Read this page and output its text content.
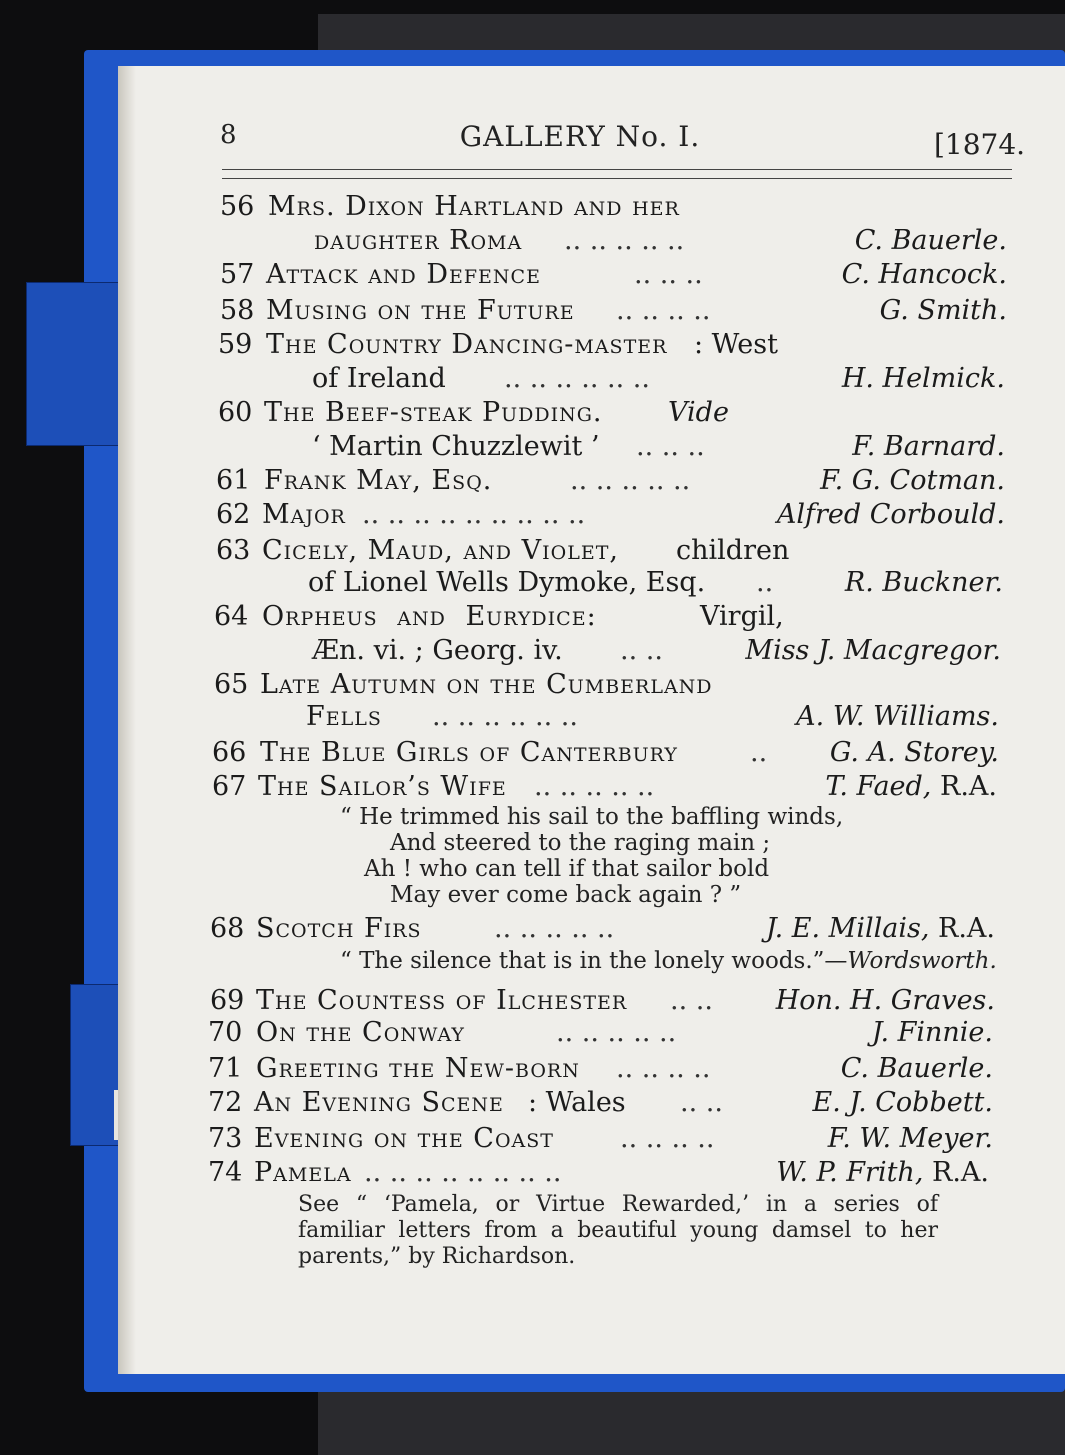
8	GALLERY No. I.	[1874.
56 Mrs. Dixon Hartland and her
daughter Roma .. .. .. .. ..	C. Bauerle.
57 Attack and Defence	.. .. ..	C. Hancock.
58 Musing on the Future .. .. .. ..	G. Smith.
59 The Country Dancing-master : West
of Ireland .. .. .. .. .. ..	H. Helmick.
60 The Beef-steak Pudding. Vide
‘ Martin Chuzzlewit ’ .. .. ..	F. Barnard.
61 Frank May, Esq.	.. .. .. .. ..	F. G. Cotman.
62 Major .. .. .. .. .. .. .. .. ..	Alfred Corbould.
63 Cicely, Maud, and Violet, children
of Lionel Wells Dymoke, Esq. ..	R. Buckner.
64 Orpheus and Eurydice:	Virgil,
Æn. vi. ; Georg. iv. .. ..	Miss J. Macgregor.
65 Late Autumn on the Cumberland
Fells .. .. .. .. .. ..	A. W. Williams.
66 The Blue Girls of Canterbury	.. G. A. Storey.
67 The Sailor’s Wife .. .. .. .. ..	T. Faed, R.A.
“ He trimmed his sail to the baffling winds,
And steered to the raging main ;
Ah ! who can tell if that sailor bold
May ever come back again ? ”
68 Scotch Firs	.. .. .. .. ..	J. E. Millais, R.A.
“ The silence that is in the lonely woods.”—Wordsworth.
69 The Countess of Ilchester .. .. Hon. H. Graves.
70 On the Conway	.. .. .. .. ..	J. Finnie.
71 Greeting the New-born .. .. .. ..	C. Bauerle.
72 An Evening Scene : Wales .. ..	E. J. Cobbett.
73 Evening on the Coast .. .. .. ..	F. W. Meyer.
74 Pamela .. .. .. .. .. .. .. ..	W. P. Frith, R.A.
See “ ‘Pamela, or Virtue Rewarded,’ in a series of familiar letters from a beautiful young damsel to her parents,” by Richardson.
